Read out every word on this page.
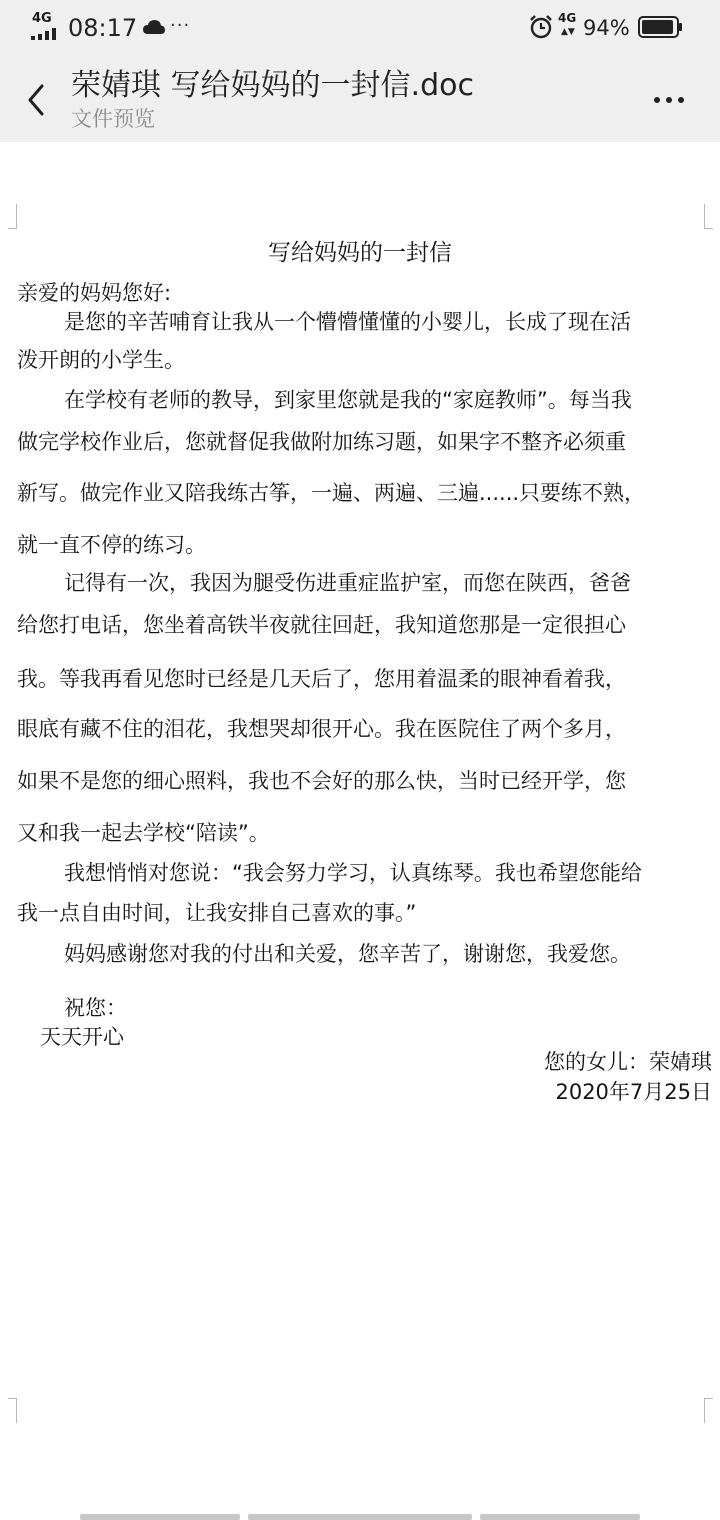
4G 08:17 ···	4G
▲▼ 94%
荣婧琪 写给妈妈的一封信.doc
文件预览
写给妈妈的一封信
亲爱的妈妈您好:
是您的辛苦哺育让我从一个懵懵懂懂的小婴儿，长成了现在活
泼开朗的小学生。
在学校有老师的教导，到家里您就是我的“家庭教师”。每当我
做完学校作业后，您就督促我做附加练习题，如果字不整齐必须重
新写。做完作业又陪我练古筝，一遍、两遍、三遍......只要练不熟，
就一直不停的练习。
记得有一次，我因为腿受伤进重症监护室，而您在陕西，爸爸
给您打电话，您坐着高铁半夜就往回赶，我知道您那是一定很担心
我。等我再看见您时已经是几天后了，您用着温柔的眼神看着我，
眼底有藏不住的泪花，我想哭却很开心。我在医院住了两个多月，
如果不是您的细心照料，我也不会好的那么快，当时已经开学，您
又和我一起去学校“陪读”。
我想悄悄对您说：“我会努力学习，认真练琴。我也希望您能给
我一点自由时间，让我安排自己喜欢的事。”
妈妈感谢您对我的付出和关爱，您辛苦了，谢谢您，我爱您。
祝您：
天天开心
您的女儿：荣婧琪
2020年7月25日
